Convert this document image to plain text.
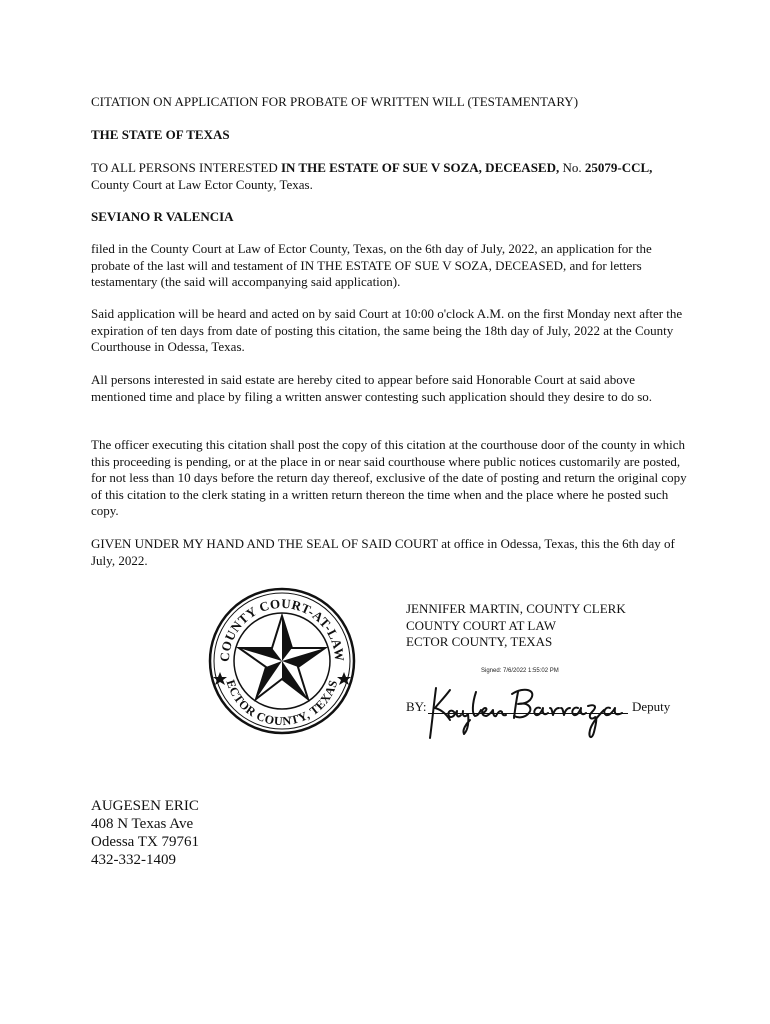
CITATION ON APPLICATION FOR PROBATE OF WRITTEN WILL (TESTAMENTARY)
THE STATE OF TEXAS
TO ALL PERSONS INTERESTED IN THE ESTATE OF SUE V SOZA, DECEASED, No. 25079-CCL, County Court at Law Ector County, Texas.
SEVIANO R VALENCIA
filed in the County Court at Law of Ector County, Texas, on the 6th day of July, 2022, an application for the probate of the last will and testament of IN THE ESTATE OF SUE V SOZA, DECEASED, and for letters testamentary (the said will accompanying said application).
Said application will be heard and acted on by said Court at 10:00 o'clock A.M. on the first Monday next after the expiration of ten days from date of posting this citation, the same being the 18th day of July, 2022 at the County Courthouse in Odessa, Texas.
All persons interested in said estate are hereby cited to appear before said Honorable Court at said above mentioned time and place by filing a written answer contesting such application should they desire to do so.
The officer executing this citation shall post the copy of this citation at the courthouse door of the county in which this proceeding is pending, or at the place in or near said courthouse where public notices customarily are posted, for not less than 10 days before the return day thereof, exclusive of the date of posting and return the original copy of this citation to the clerk stating in a written return thereon the time when and the place where he posted such copy.
GIVEN UNDER MY HAND AND THE SEAL OF SAID COURT at office in Odessa, Texas, this the 6th day of July, 2022.
COUNTY COURT-AT-LAW
ECTOR COUNTY, TEXAS
JENNIFER MARTIN, COUNTY CLERK
COUNTY COURT AT LAW
ECTOR COUNTY, TEXAS
Signed: 7/6/2022 1:55:02 PM
BY:	Deputy
AUGESEN ERIC
408 N Texas Ave
Odessa TX 79761
432-332-1409
